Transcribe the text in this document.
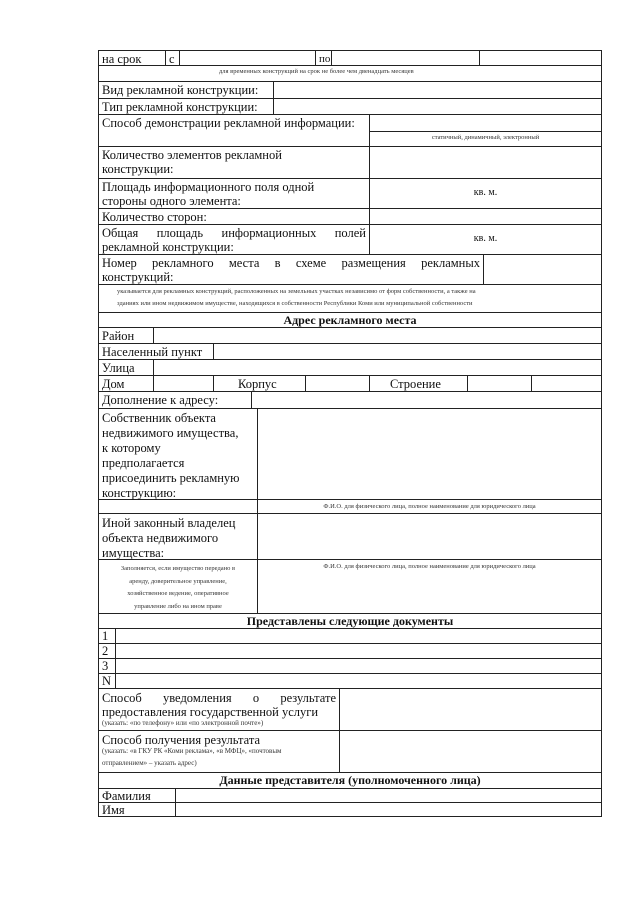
на срок	с	по
для временных конструкций на срок не более чем двенадцать месяцев
Вид рекламной конструкции:
Тип рекламной конструкции:
Способ демонстрации рекламной информации:
статичный, динамичный, электронный
Количество элементов рекламной
конструкции:
Площадь информационного поля одной
стороны одного элемента:
кв. м.
Количество сторон:
Общая площадь информационных полей
рекламной конструкции:
кв. м.
Номер рекламного места в схеме размещения рекламных
конструкций:
указывается для рекламных конструкций, расположенных на земельных участках независимо от форм собственности, а также на
зданиях или ином недвижимом имуществе, находящихся в собственности Республики Коми или муниципальной собственности
Адрес рекламного места
Район
Населенный пункт
Улица
Дом	Корпус	Строение
Дополнение к адресу:
Собственник объекта
недвижимого имущества,
к которому
предполагается
присоединить рекламную
конструкцию:
Ф.И.О. для физического лица, полное наименование для юридического лица
Иной законный владелец
объекта недвижимого
имущества:
Заполняется, если имущество передано в
аренду, доверительное управление,
хозяйственное ведение, оперативное
управление либо на ином праве
Ф.И.О. для физического лица, полное наименование для юридического лица
Представлены следующие документы
1
2
3
N
Способ уведомления о результате
предоставления государственной услуги
(указать: «по телефону» или «по электронной почте»)
Способ получения результата
(указать: «в ГКУ РК «Коми реклама», «в МФЦ», «почтовым
отправлением» – указать адрес)
Данные представителя (уполномоченного лица)
Фамилия
Имя
